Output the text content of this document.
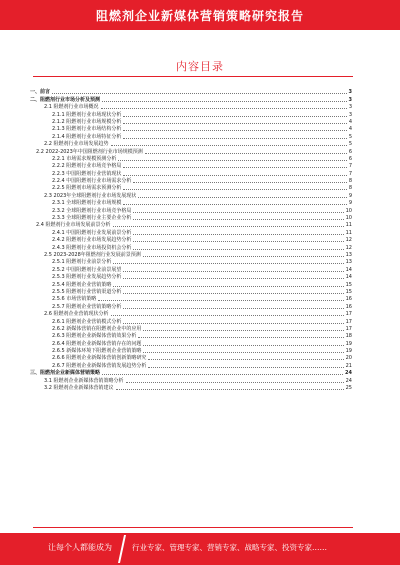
阻燃剂企业新媒体营销策略研究报告
内容目录
一、前言	3
二、阻燃剂行业市场分析及预测	3
2.1 阻燃剂行业市场概况	3
2.1.1 阻燃剂行业市场现状分析	3
2.1.2 阻燃剂行业市场规模分析	4
2.1.3 阻燃剂行业市场结构分析	4
2.1.4 阻燃剂行业市场特征分析	5
2.2 阻燃剂行业市场发展趋势	5
2.2 2022-2023年中国阻燃剂行业市场规模预测	6
2.2.1 市场需求规模预测分析	6
2.2.2 阻燃剂行业市场竞争格局	7
2.2.3 中国阻燃剂行业营销现状	7
2.2.4 中国阻燃剂行业市场需求分析	8
2.2.5 阻燃剂市场需求预测分析	8
2.3 2023年全球阻燃剂行业市场发展现状	9
2.3.1 全球阻燃剂行业市场规模	9
2.3.2 全球阻燃剂行业市场竞争格局	10
2.3.3 全球阻燃剂行业主要企业分析	10
2.4 阻燃剂行业市场发展前景分析	11
2.4.1 中国阻燃剂行业发展前景分析	11
2.4.2 阻燃剂行业市场发展趋势分析	12
2.4.3 阻燃剂行业市场投资机会分析	12
2.5 2023-2028年阻燃剂行业发展前景预测	13
2.5.1 阻燃剂行业前景分析	13
2.5.2 中国阻燃剂行业前景展望	14
2.5.3 阻燃剂行业发展趋势分析	14
2.5.4 阻燃剂企业营销策略	15
2.5.5 阻燃剂行业营销渠道分析	15
2.5.6 市场营销策略	16
2.5.7 阻燃剂企业营销策略分析	16
2.6 阻燃剂企业营销现状分析	17
2.6.1 阻燃剂企业营销模式分析	17
2.6.2 新媒体营销在阻燃剂企业中的应用	17
2.6.3 阻燃剂企业新媒体营销效果分析	18
2.6.4 阻燃剂企业新媒体营销存在的问题	19
2.6.5 新媒体环境下阻燃剂企业营销策略	19
2.6.6 阻燃剂企业新媒体营销创新策略研究	20
2.6.7 阻燃剂企业新媒体营销发展趋势分析	21
三、阻燃剂企业新媒体营销策略	24
3.1 阻燃剂企业新媒体营销策略分析	24
3.2 阻燃剂企业新媒体营销建议	25
让每个人都能成为	行业专家、管理专家、营销专家、战略专家、投资专家……
